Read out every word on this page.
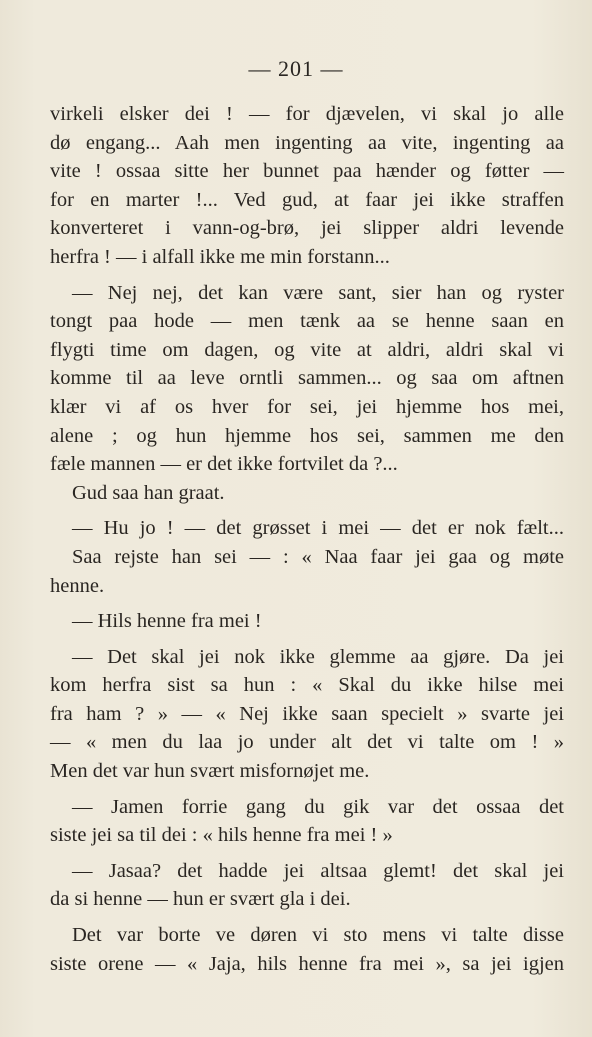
— 201 —
virkeli elsker dei ! — for djævelen, vi skal jo alle
dø engang... Aah men ingenting aa vite, ingenting aa
vite ! ossaa sitte her bunnet paa hænder og føtter —
for en marter !... Ved gud, at faar jei ikke straffen
konverteret i vann-og-brø, jei slipper aldri levende
herfra ! — i alfall ikke me min forstann...
— Nej nej, det kan være sant, sier han og ryster
tongt paa hode — men tænk aa se henne saan en
flygti time om dagen, og vite at aldri, aldri skal vi
komme til aa leve orntli sammen... og saa om aftnen
klær vi af os hver for sei, jei hjemme hos mei,
alene ; og hun hjemme hos sei, sammen me den
fæle mannen — er det ikke fortvilet da ?...
Gud saa han graat.
— Hu jo ! — det grøsset i mei — det er nok fælt...
Saa rejste han sei — : « Naa faar jei gaa og møte
henne.
— Hils henne fra mei !
— Det skal jei nok ikke glemme aa gjøre. Da jei
kom herfra sist sa hun : « Skal du ikke hilse mei
fra ham ? » — « Nej ikke saan specielt » svarte jei
— « men du laa jo under alt det vi talte om ! »
Men det var hun svært misfornøjet me.
— Jamen forrie gang du gik var det ossaa det
siste jei sa til dei : « hils henne fra mei ! »
— Jasaa? det hadde jei altsaa glemt! det skal jei
da si henne — hun er svært gla i dei.
Det var borte ve døren vi sto mens vi talte disse
siste orene — « Jaja, hils henne fra mei », sa jei igjen
